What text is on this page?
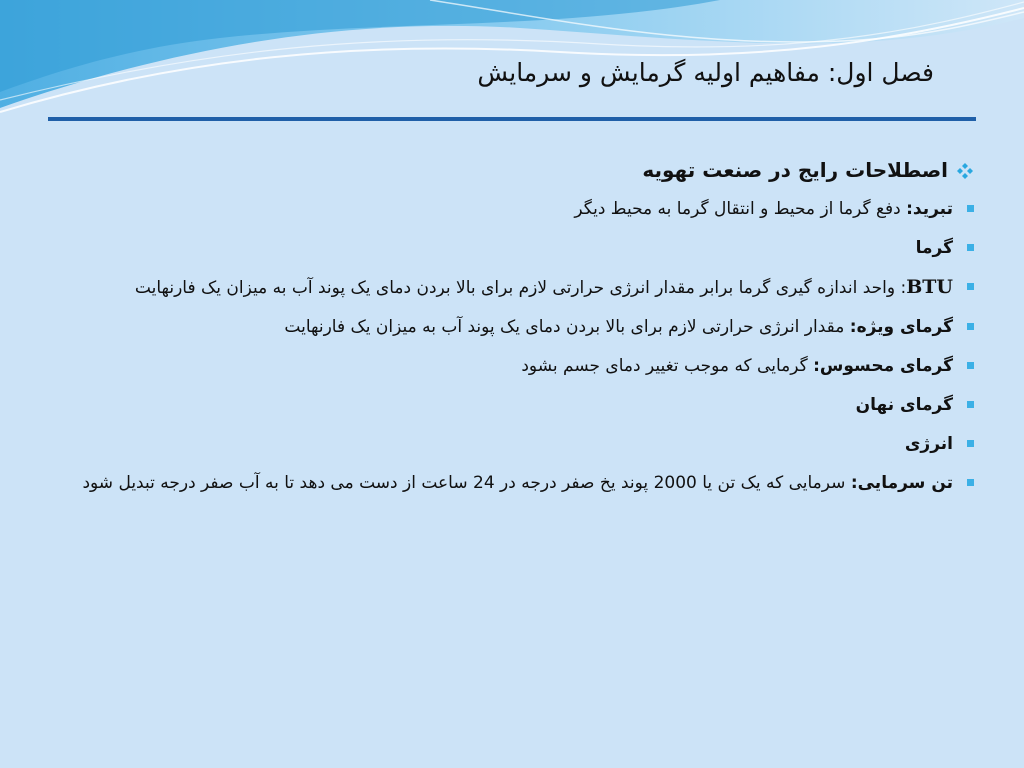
فصل اول: مفاهیم اولیه گرمایش و سرمایش
اصطلاحات رایج در صنعت تهویه
تبرید: دفع گرما از محیط و انتقال گرما به محیط دیگر
گرما
BTU: واحد اندازه گیری گرما برابر مقدار انرژی حرارتی لازم برای بالا بردن دمای یک پوند آب به میزان یک فارنهایت
گرمای ویژه: مقدار انرژی حرارتی لازم برای بالا بردن دمای یک پوند آب به میزان یک فارنهایت
گرمای محسوس: گرمایی که موجب تغییر دمای جسم بشود
گرمای نهان
انرژی
تن سرمایی: سرمایی که یک تن یا 2000 پوند یخ صفر درجه در 24 ساعت از دست می دهد تا به آب صفر درجه تبدیل شود
